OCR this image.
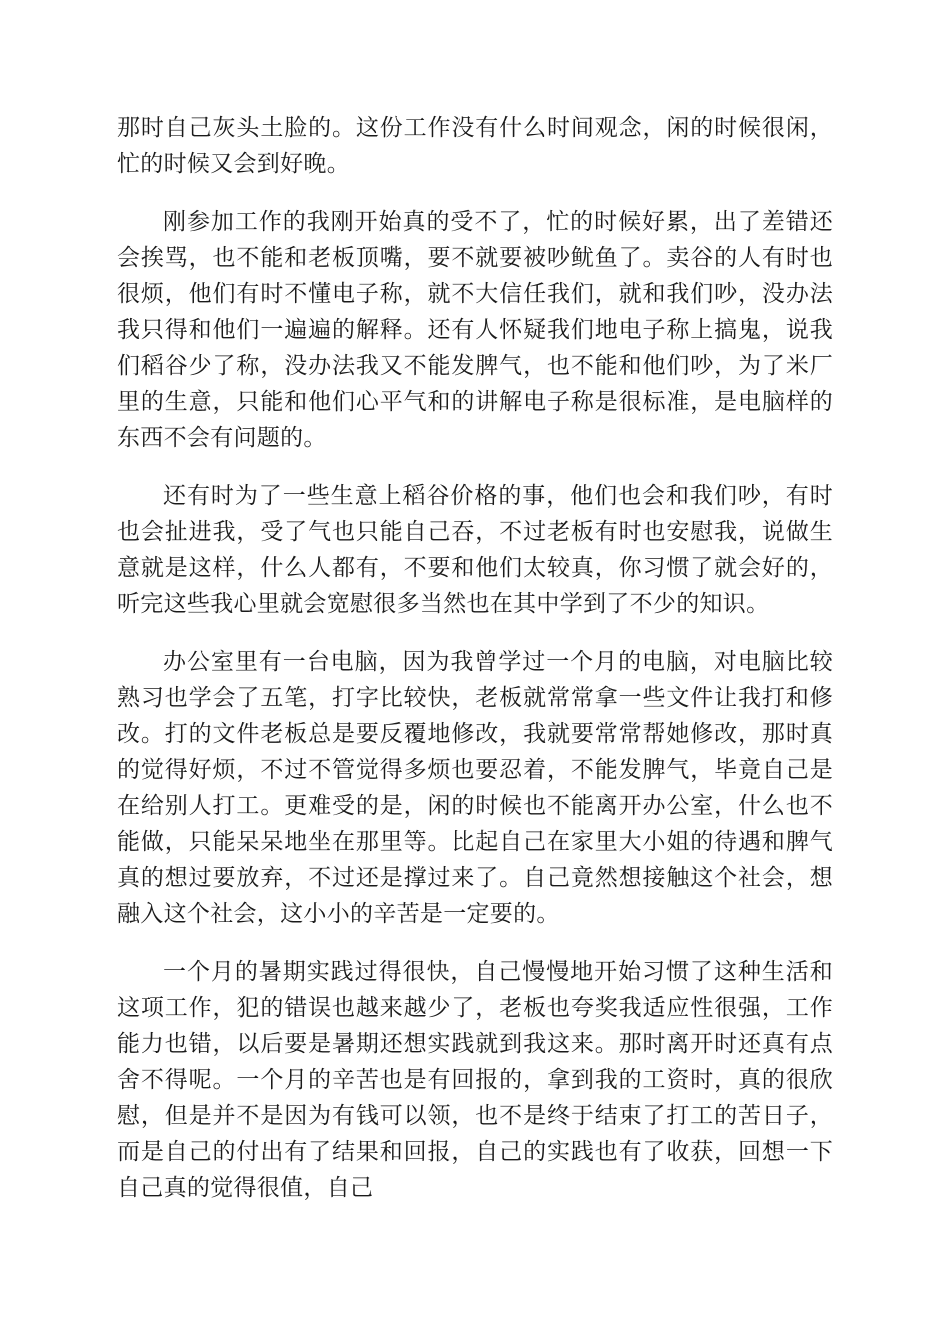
那时自己灰头土脸的。这份工作没有什么时间观念，闲的时候很闲，忙的时候又会到好晚。

刚参加工作的我刚开始真的受不了，忙的时候好累，出了差错还会挨骂，也不能和老板顶嘴，要不就要被吵鱿鱼了。卖谷的人有时也很烦，他们有时不懂电子称，就不大信任我们，就和我们吵，没办法我只得和他们一遍遍的解释。还有人怀疑我们地电子称上搞鬼，说我们稻谷少了称，没办法我又不能发脾气，也不能和他们吵，为了米厂里的生意，只能和他们心平气和的讲解电子称是很标准，是电脑样的东西不会有问题的。

还有时为了一些生意上稻谷价格的事，他们也会和我们吵，有时也会扯进我，受了气也只能自己吞，不过老板有时也安慰我，说做生意就是这样，什么人都有，不要和他们太较真，你习惯了就会好的，听完这些我心里就会宽慰很多当然也在其中学到了不少的知识。

办公室里有一台电脑，因为我曾学过一个月的电脑，对电脑比较熟习也学会了五笔，打字比较快，老板就常常拿一些文件让我打和修改。打的文件老板总是要反覆地修改，我就要常常帮她修改，那时真的觉得好烦，不过不管觉得多烦也要忍着，不能发脾气，毕竟自己是在给别人打工。更难受的是，闲的时候也不能离开办公室，什么也不能做，只能呆呆地坐在那里等。比起自己在家里大小姐的待遇和脾气真的想过要放弃，不过还是撑过来了。自己竟然想接触这个社会，想融入这个社会，这小小的辛苦是一定要的。

一个月的暑期实践过得很快，自己慢慢地开始习惯了这种生活和这项工作，犯的错误也越来越少了，老板也夸奖我适应性很强，工作能力也错，以后要是暑期还想实践就到我这来。那时离开时还真有点舍不得呢。一个月的辛苦也是有回报的，拿到我的工资时，真的很欣慰，但是并不是因为有钱可以领，也不是终于结束了打工的苦日子，而是自己的付出有了结果和回报，自己的实践也有了收获，回想一下自己真的觉得很值，自己
